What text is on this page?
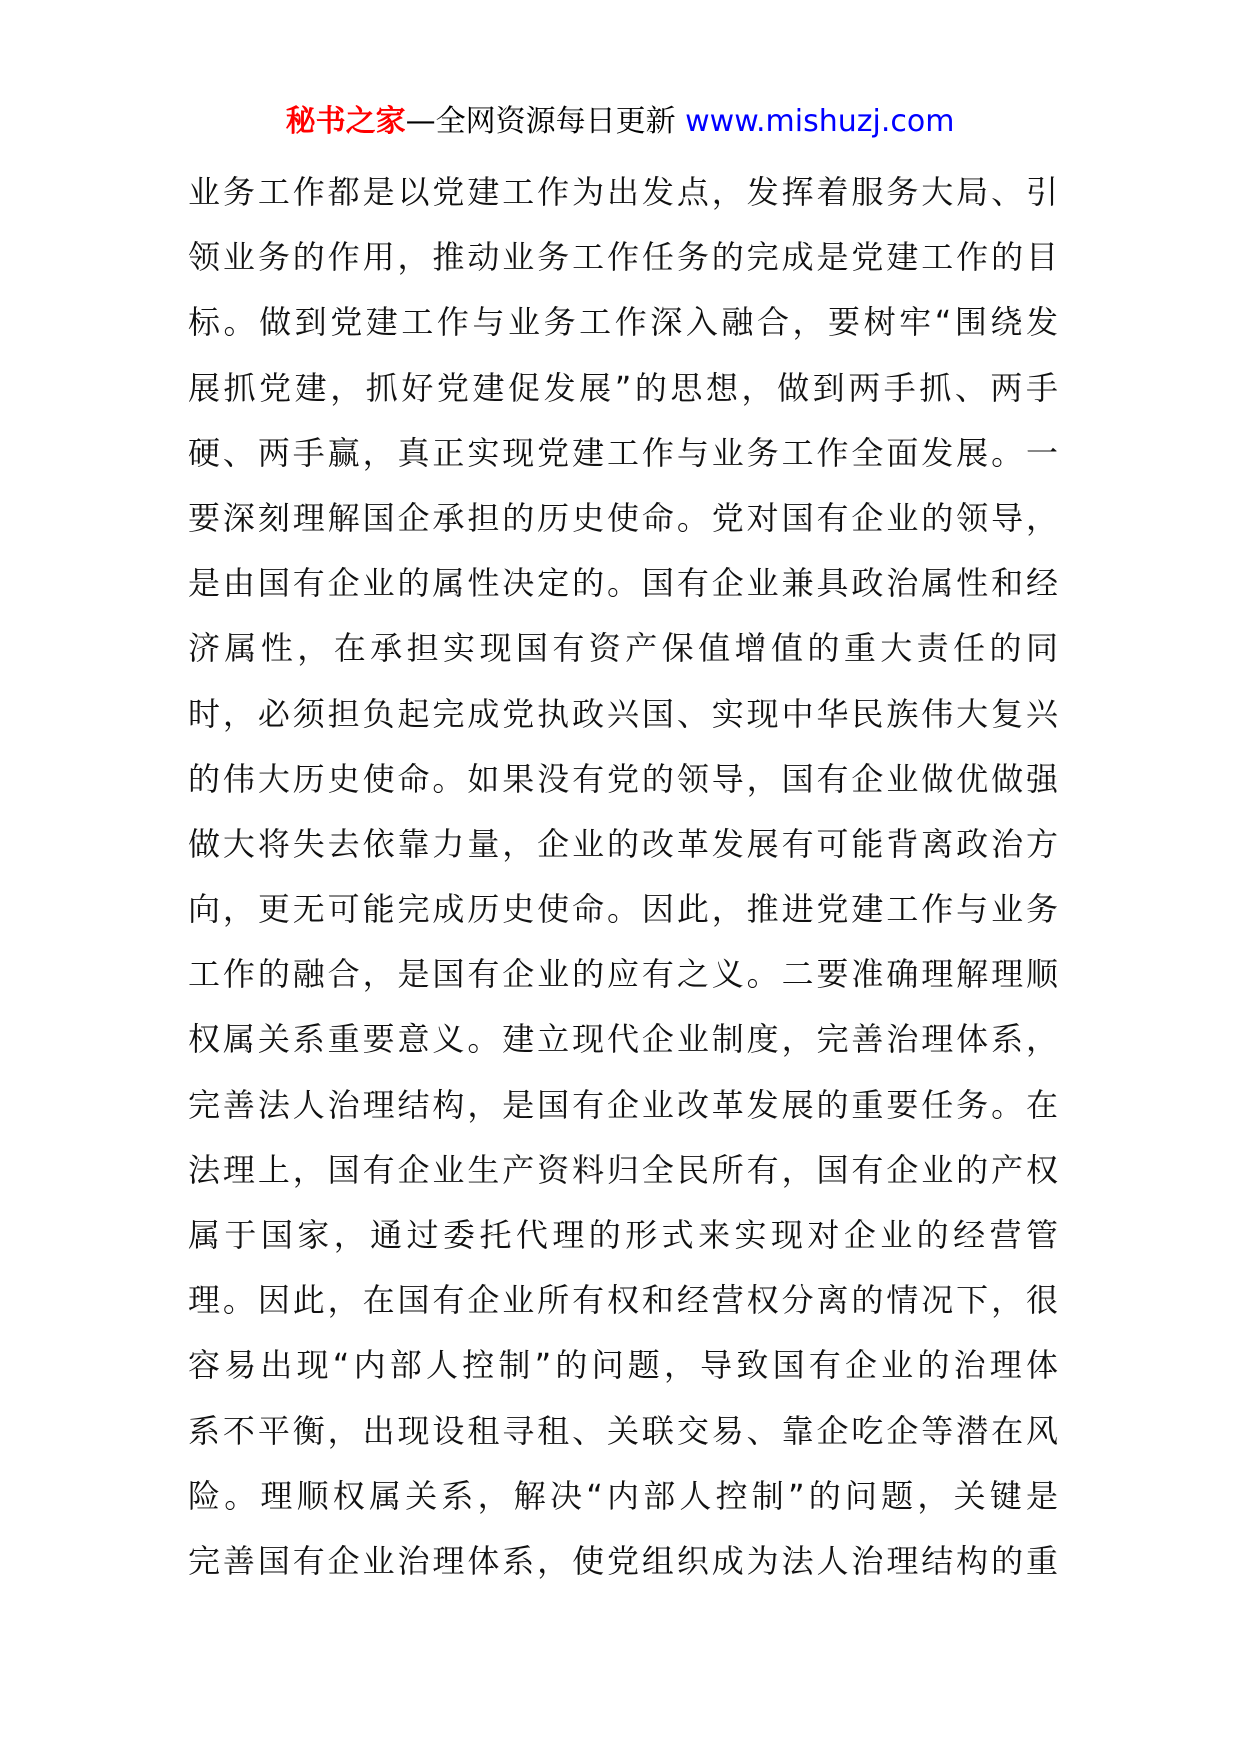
秘书之家—全网资源每日更新 www.mishuzj.com
业务工作都是以党建工作为出发点，发挥着服务大局、引
领业务的作用，推动业务工作任务的完成是党建工作的目
标。做到党建工作与业务工作深入融合，要树牢“围绕发
展抓党建，抓好党建促发展”的思想，做到两手抓、两手
硬、两手赢，真正实现党建工作与业务工作全面发展。一
要深刻理解国企承担的历史使命。党对国有企业的领导，
是由国有企业的属性决定的。国有企业兼具政治属性和经
济属性，在承担实现国有资产保值增值的重大责任的同
时，必须担负起完成党执政兴国、实现中华民族伟大复兴
的伟大历史使命。如果没有党的领导，国有企业做优做强
做大将失去依靠力量，企业的改革发展有可能背离政治方
向，更无可能完成历史使命。因此，推进党建工作与业务
工作的融合，是国有企业的应有之义。二要准确理解理顺
权属关系重要意义。建立现代企业制度，完善治理体系，
完善法人治理结构，是国有企业改革发展的重要任务。在
法理上，国有企业生产资料归全民所有，国有企业的产权
属于国家，通过委托代理的形式来实现对企业的经营管
理。因此，在国有企业所有权和经营权分离的情况下，很
容易出现“内部人控制”的问题，导致国有企业的治理体
系不平衡，出现设租寻租、关联交易、靠企吃企等潜在风
险。理顺权属关系，解决“内部人控制”的问题，关键是
完善国有企业治理体系，使党组织成为法人治理结构的重
